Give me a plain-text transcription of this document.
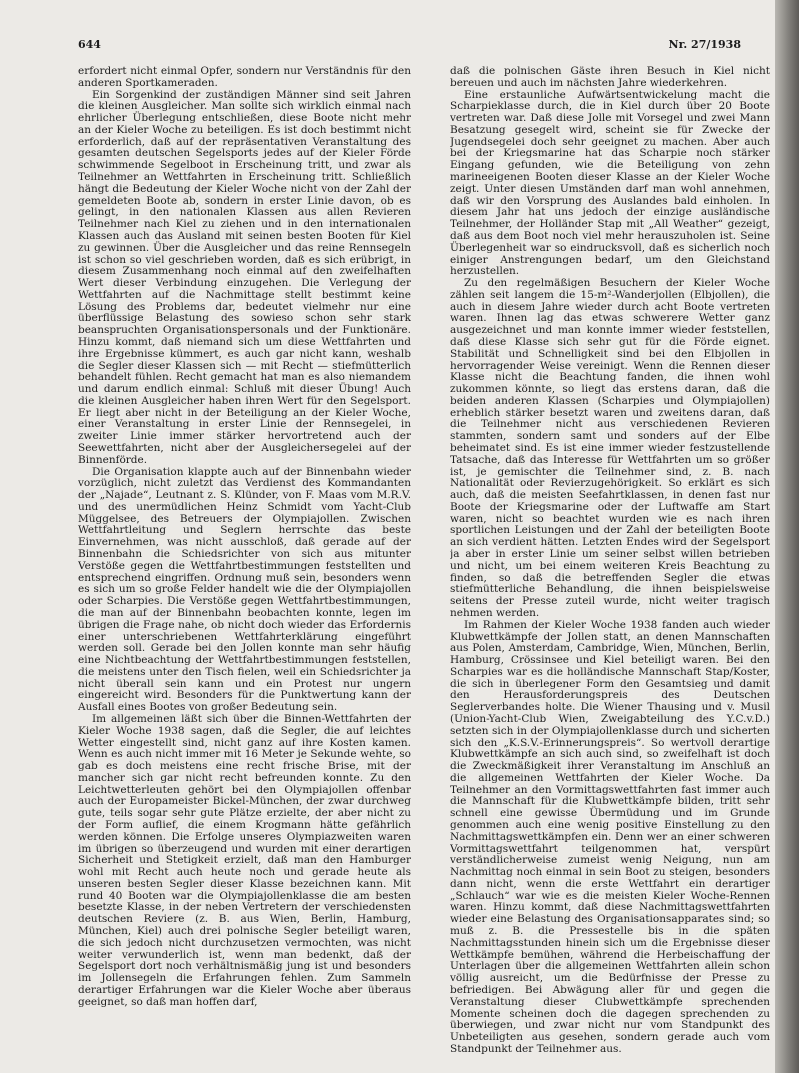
644	Nr. 27/1938

erfordert nicht einmal Opfer, sondern nur Verständnis für den anderen Sportkameraden.

Ein Sorgenkind der zuständigen Männer sind seit Jahren die kleinen Ausgleicher. Man sollte sich wirklich einmal nach ehrlicher Überlegung entschließen, diese Boote nicht mehr an der Kieler Woche zu beteiligen. Es ist doch bestimmt nicht erforderlich, daß auf der repräsentativen Veranstaltung des gesamten deutschen Segelsports jedes auf der Kieler Förde schwimmende Segelboot in Erscheinung tritt, und zwar als Teilnehmer an Wettfahrten in Erscheinung tritt. Schließlich hängt die Bedeutung der Kieler Woche nicht von der Zahl der gemeldeten Boote ab, sondern in erster Linie davon, ob es gelingt, in den nationalen Klassen aus allen Revieren Teilnehmer nach Kiel zu ziehen und in den internationalen Klassen auch das Ausland mit seinen besten Booten für Kiel zu gewinnen. Über die Ausgleicher und das reine Rennsegeln ist schon so viel geschrieben worden, daß es sich erübrigt, in diesem Zusammenhang noch einmal auf den zweifelhaften Wert dieser Verbindung einzugehen. Die Verlegung der Wettfahrten auf die Nachmittage stellt bestimmt keine Lösung des Problems dar, bedeutet vielmehr nur eine überflüssige Belastung des sowieso schon sehr stark beanspruchten Organisationspersonals und der Funktionäre. Hinzu kommt, daß niemand sich um diese Wettfahrten und ihre Ergebnisse kümmert, es auch gar nicht kann, weshalb die Segler dieser Klassen sich — mit Recht — stiefmütterlich behandelt fühlen. Recht gemacht hat man es also niemandem und darum endlich einmal: Schluß mit dieser Übung! Auch die kleinen Ausgleicher haben ihren Wert für den Segelsport. Er liegt aber nicht in der Beteiligung an der Kieler Woche, einer Veranstaltung in erster Linie der Rennsegelei, in zweiter Linie immer stärker hervortretend auch der Seewettfahrten, nicht aber der Ausgleichersegelei auf der Binnenförde.

Die Organisation klappte auch auf der Binnenbahn wieder vorzüglich, nicht zuletzt das Verdienst des Kommandanten der „Najade“, Leutnant z. S. Klünder, von F. Maas vom M.R.V. und des unermüdlichen Heinz Schmidt vom Yacht-Club Müggelsee, des Betreuers der Olympiajollen. Zwischen Wettfahrtleitung und Seglern herrschte das beste Einvernehmen, was nicht ausschloß, daß gerade auf der Binnenbahn die Schiedsrichter von sich aus mitunter Verstöße gegen die Wettfahrtbestimmungen feststellten und entsprechend eingriffen. Ordnung muß sein, besonders wenn es sich um so große Felder handelt wie die der Olympiajollen oder Scharpies. Die Verstöße gegen Wettfahrtbestimmungen, die man auf der Binnenbahn beobachten konnte, legen im übrigen die Frage nahe, ob nicht doch wieder das Erfordernis einer unterschriebenen Wettfahrterklärung eingeführt werden soll. Gerade bei den Jollen konnte man sehr häufig eine Nichtbeachtung der Wettfahrtbestimmungen feststellen, die meistens unter den Tisch fielen, weil ein Schiedsrichter ja nicht überall sein kann und ein Protest nur ungern eingereicht wird. Besonders für die Punktwertung kann der Ausfall eines Bootes von großer Bedeutung sein.

Im allgemeinen läßt sich über die Binnen-Wettfahrten der Kieler Woche 1938 sagen, daß die Segler, die auf leichtes Wetter eingestellt sind, nicht ganz auf ihre Kosten kamen. Wenn es auch nicht immer mit 16 Meter je Sekunde wehte, so gab es doch meistens eine recht frische Brise, mit der mancher sich gar nicht recht befreunden konnte. Zu den Leichtwetterleuten gehört bei den Olympiajollen offenbar auch der Europameister Bickel-München, der zwar durchweg gute, teils sogar sehr gute Plätze erzielte, der aber nicht zu der Form auflief, die einem Krogmann hätte gefährlich werden können. Die Erfolge unseres Olympiazweiten waren im übrigen so überzeugend und wurden mit einer derartigen Sicherheit und Stetigkeit erzielt, daß man den Hamburger wohl mit Recht auch heute noch und gerade heute als unseren besten Segler dieser Klasse bezeichnen kann. Mit rund 40 Booten war die Olympiajollenklasse die am besten besetzte Klasse, in der neben Vertretern der verschiedensten deutschen Reviere (z. B. aus Wien, Berlin, Hamburg, München, Kiel) auch drei polnische Segler beteiligt waren, die sich jedoch nicht durchzusetzen vermochten, was nicht weiter verwunderlich ist, wenn man bedenkt, daß der Segelsport dort noch verhältnismäßig jung ist und besonders im Jollensegeln die Erfahrungen fehlen. Zum Sammeln derartiger Erfahrungen war die Kieler Woche aber überaus geeignet, so daß man hoffen darf,

daß die polnischen Gäste ihren Besuch in Kiel nicht bereuen und auch im nächsten Jahre wiederkehren.

Eine erstaunliche Aufwärtsentwickelung macht die Scharpieklasse durch, die in Kiel durch über 20 Boote vertreten war. Daß diese Jolle mit Vorsegel und zwei Mann Besatzung gesegelt wird, scheint sie für Zwecke der Jugendsegelei doch sehr geeignet zu machen. Aber auch bei der Kriegsmarine hat das Scharpie noch stärker Eingang gefunden, wie die Beteiligung von zehn marineeigenen Booten dieser Klasse an der Kieler Woche zeigt. Unter diesen Umständen darf man wohl annehmen, daß wir den Vorsprung des Auslandes bald einholen. In diesem Jahr hat uns jedoch der einzige ausländische Teilnehmer, der Holländer Stap mit „All Weather“ gezeigt, daß aus dem Boot noch viel mehr herauszuholen ist. Seine Überlegenheit war so eindrucksvoll, daß es sicherlich noch einiger Anstrengungen bedarf, um den Gleichstand herzustellen.

Zu den regelmäßigen Besuchern der Kieler Woche zählen seit langem die 15-m²-Wanderjollen (Elbjollen), die auch in diesem Jahre wieder durch acht Boote vertreten waren. Ihnen lag das etwas schwerere Wetter ganz ausgezeichnet und man konnte immer wieder feststellen, daß diese Klasse sich sehr gut für die Förde eignet. Stabilität und Schnelligkeit sind bei den Elbjollen in hervorragender Weise vereinigt. Wenn die Rennen dieser Klasse nicht die Beachtung fanden, die ihnen wohl zukommen könnte, so liegt das erstens daran, daß die beiden anderen Klassen (Scharpies und Olympiajollen) erheblich stärker besetzt waren und zweitens daran, daß die Teilnehmer nicht aus verschiedenen Revieren stammten, sondern samt und sonders auf der Elbe beheimatet sind. Es ist eine immer wieder festzustellende Tatsache, daß das Interesse für Wettfahrten um so größer ist, je gemischter die Teilnehmer sind, z. B. nach Nationalität oder Revierzugehörigkeit. So erklärt es sich auch, daß die meisten Seefahrtklassen, in denen fast nur Boote der Kriegsmarine oder der Luftwaffe am Start waren, nicht so beachtet wurden wie es nach ihren sportlichen Leistungen und der Zahl der beteiligten Boote an sich verdient hätten. Letzten Endes wird der Segelsport ja aber in erster Linie um seiner selbst willen betrieben und nicht, um bei einem weiteren Kreis Beachtung zu finden, so daß die betreffenden Segler die etwas stiefmütterliche Behandlung, die ihnen beispielsweise seitens der Presse zuteil wurde, nicht weiter tragisch nehmen werden.

Im Rahmen der Kieler Woche 1938 fanden auch wieder Klubwettkämpfe der Jollen statt, an denen Mannschaften aus Polen, Amsterdam, Cambridge, Wien, München, Berlin, Hamburg, Crössinsee und Kiel beteiligt waren. Bei den Scharpies war es die holländische Mannschaft Stap/Koster, die sich in überlegener Form den Gesamtsieg und damit den Herausforderungspreis des Deutschen Seglerverbandes holte. Die Wiener Thausing und v. Musil (Union-Yacht-Club Wien, Zweigabteilung des Y.C.v.D.) setzten sich in der Olympiajollenklasse durch und sicherten sich den „K.S.V.-Erinnerungspreis“. So wertvoll derartige Klubwettkämpfe an sich auch sind, so zweifelhaft ist doch die Zweckmäßigkeit ihrer Veranstaltung im Anschluß an die allgemeinen Wettfahrten der Kieler Woche. Da Teilnehmer an den Vormittagswettfahrten fast immer auch die Mannschaft für die Klubwettkämpfe bilden, tritt sehr schnell eine gewisse Übermüdung und im Grunde genommen auch eine wenig positive Einstellung zu den Nachmittagswettkämpfen ein. Denn wer an einer schweren Vormittagswettfahrt teilgenommen hat, verspürt verständlicherweise zumeist wenig Neigung, nun am Nachmittag noch einmal in sein Boot zu steigen, besonders dann nicht, wenn die erste Wettfahrt ein derartiger „Schlauch“ war wie es die meisten Kieler Woche-Rennen waren. Hinzu kommt, daß diese Nachmittagswettfahrten wieder eine Belastung des Organisationsapparates sind; so muß z. B. die Pressestelle bis in die späten Nachmittagsstunden hinein sich um die Ergebnisse dieser Wettkämpfe bemühen, während die Herbeischaffung der Unterlagen über die allgemeinen Wettfahrten allein schon völlig ausreicht, um die Bedürfnisse der Presse zu befriedigen. Bei Abwägung aller für und gegen die Veranstaltung dieser Clubwettkämpfe sprechenden Momente scheinen doch die dagegen sprechenden zu überwiegen, und zwar nicht nur vom Standpunkt des Unbeteiligten aus gesehen, sondern gerade auch vom Standpunkt der Teilnehmer aus.
